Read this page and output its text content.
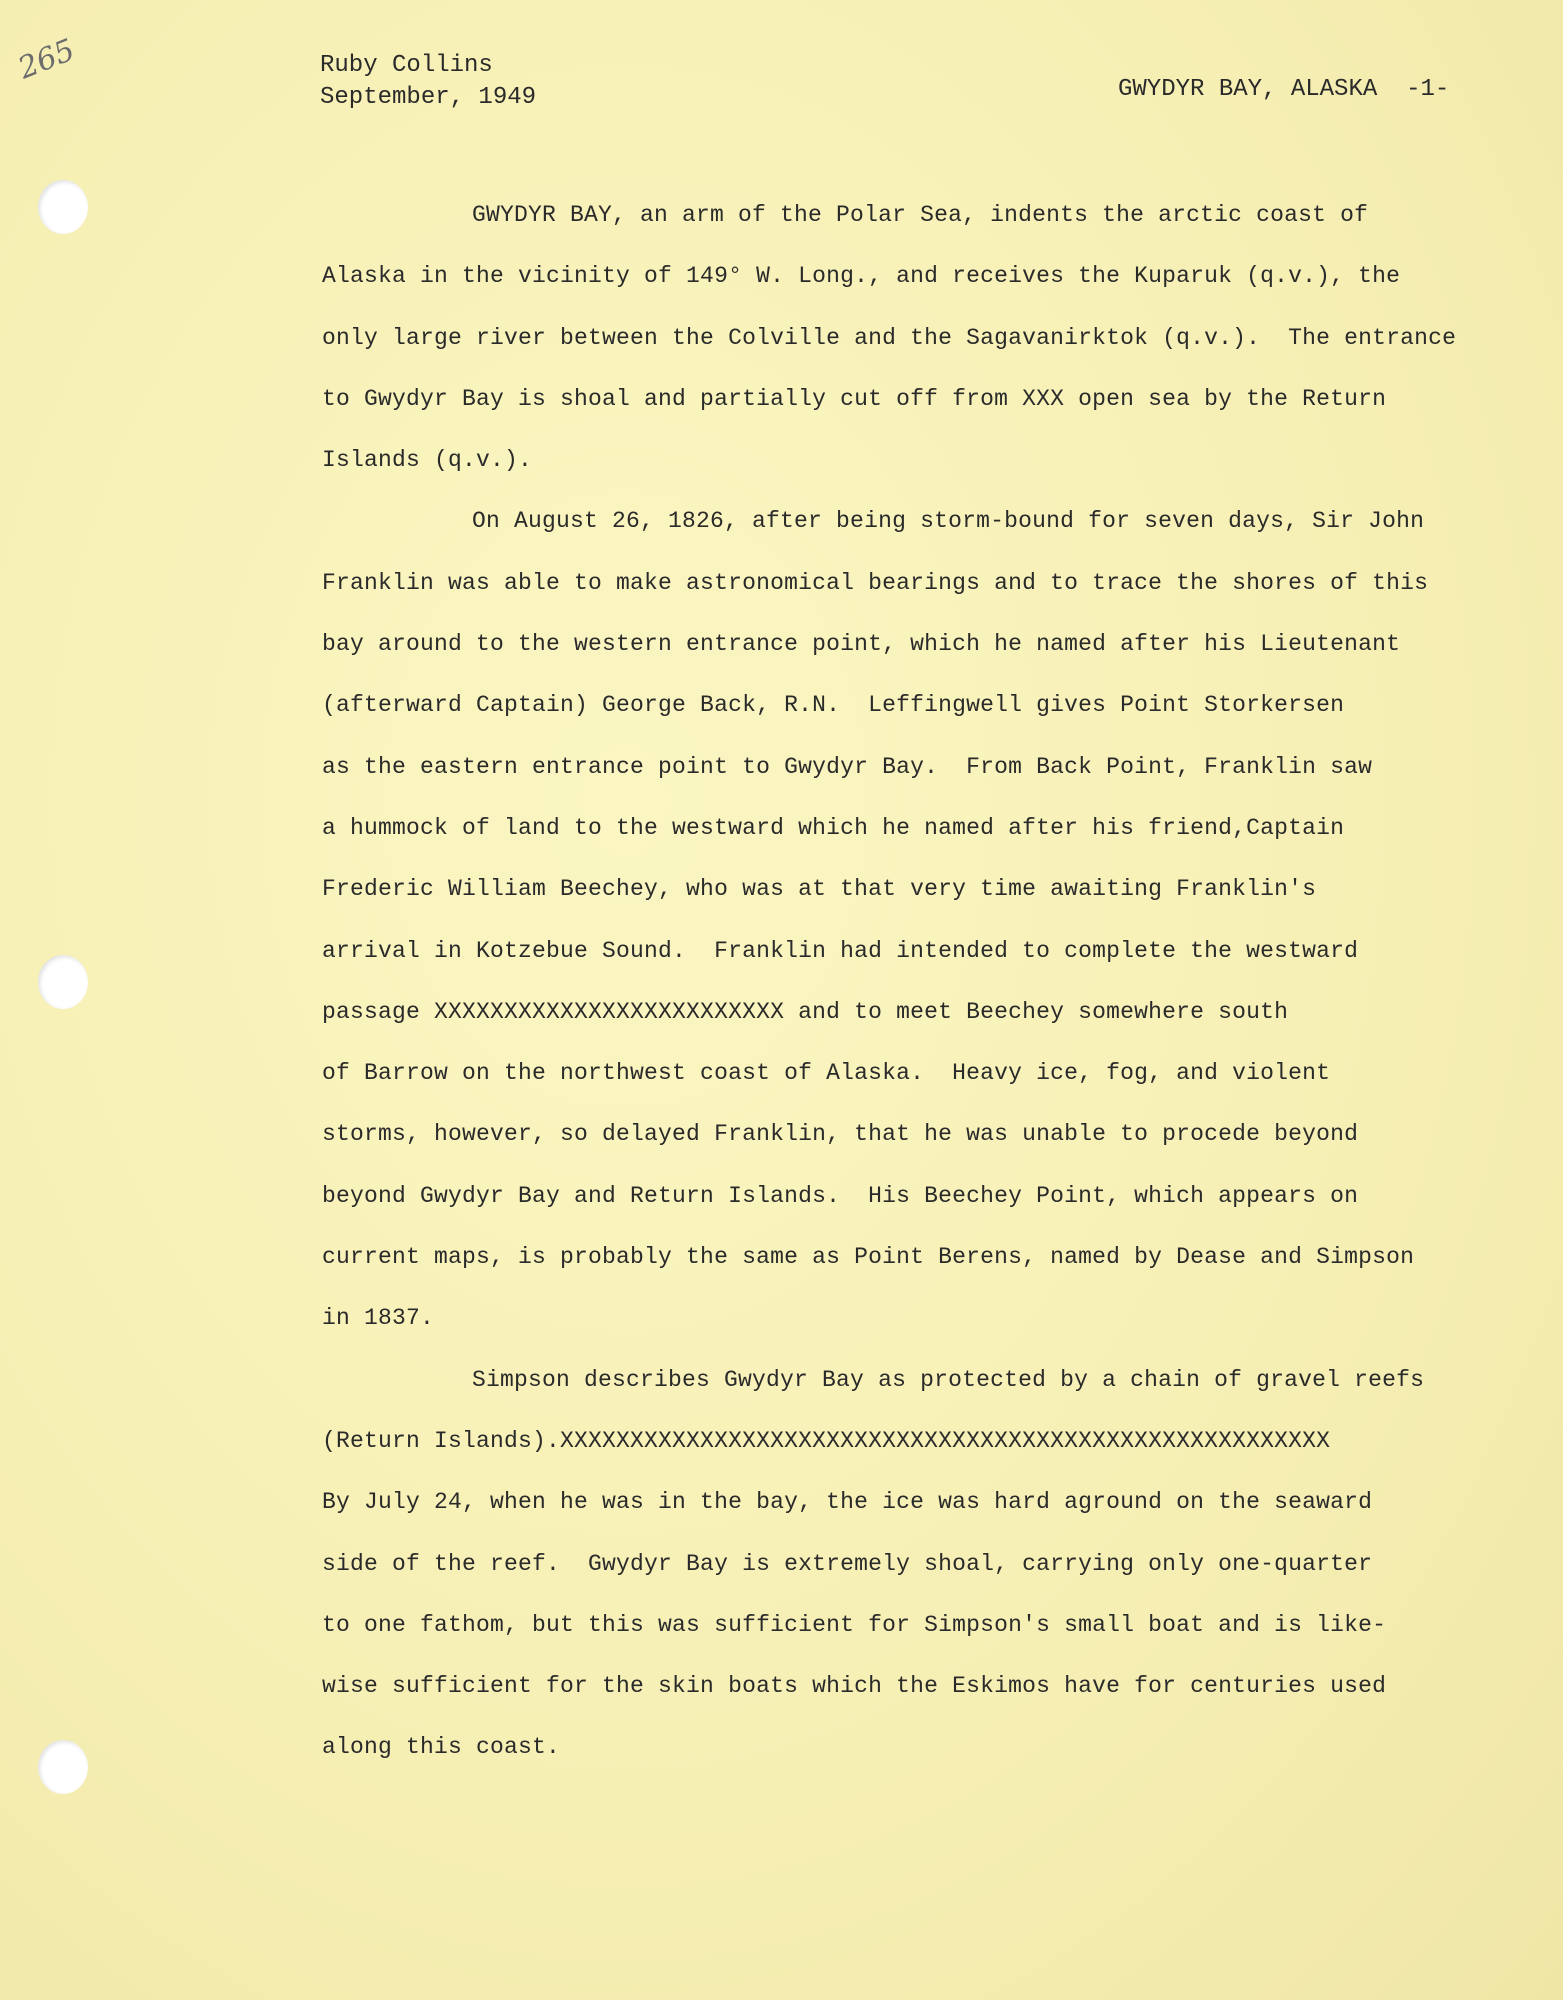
265	Ruby Collins
September, 1949	GWYDYR BAY, ALASKA -1-
GWYDYR BAY, an arm of the Polar Sea, indents the arctic coast of
Alaska in the vicinity of 149° W. Long., and receives the Kuparuk (q.v.), the
only large river between the Colville and the Sagavanirktok (q.v.).  The entrance
to Gwydyr Bay is shoal and partially cut off from XXX open sea by the Return
Islands (q.v.).
On August 26, 1826, after being storm-bound for seven days, Sir John
Franklin was able to make astronomical bearings and to trace the shores of this
bay around to the western entrance point, which he named after his Lieutenant
(afterward Captain) George Back, R.N.  Leffingwell gives Point Storkersen
as the eastern entrance point to Gwydyr Bay.  From Back Point, Franklin saw
a hummock of land to the westward which he named after his friend,Captain
Frederic William Beechey, who was at that very time awaiting Franklin's
arrival in Kotzebue Sound.  Franklin had intended to complete the westward
passage XXXXXXXXXXXXXXXXXXXXXXXXX and to meet Beechey somewhere south
of Barrow on the northwest coast of Alaska.  Heavy ice, fog, and violent
storms, however, so delayed Franklin, that he was unable to procede beyond
beyond Gwydyr Bay and Return Islands.  His Beechey Point, which appears on
current maps, is probably the same as Point Berens, named by Dease and Simpson
in 1837.
Simpson describes Gwydyr Bay as protected by a chain of gravel reefs
(Return Islands).XXXXXXXXXXXXXXXXXXXXXXXXXXXXXXXXXXXXXXXXXXXXXXXXXXXXXXX
By July 24, when he was in the bay, the ice was hard aground on the seaward
side of the reef.  Gwydyr Bay is extremely shoal, carrying only one-quarter
to one fathom, but this was sufficient for Simpson's small boat and is like-
wise sufficient for the skin boats which the Eskimos have for centuries used
along this coast.
